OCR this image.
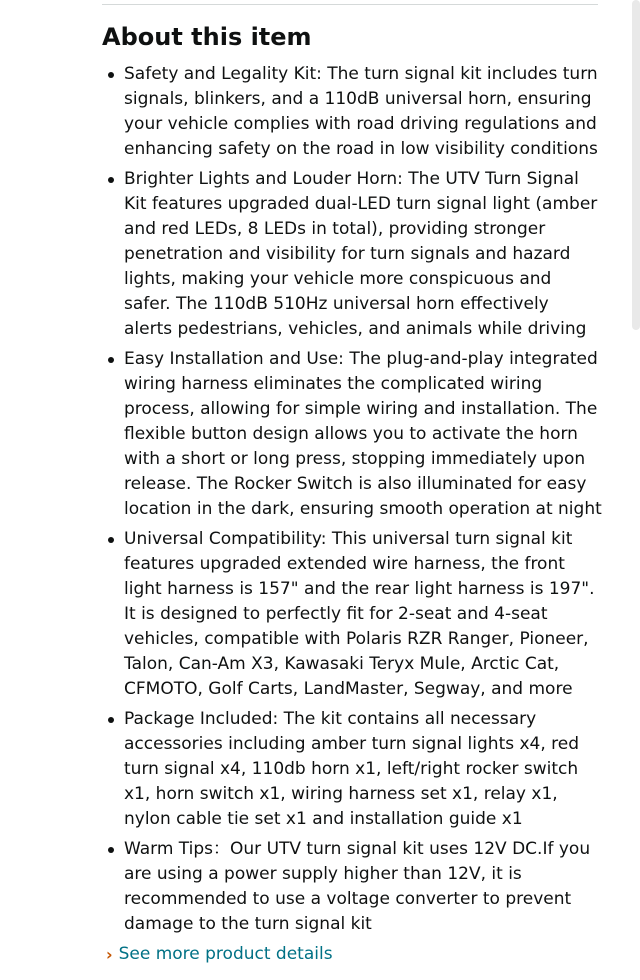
About this item
Safety and Legality Kit: The turn signal kit includes turn signals, blinkers, and a 110dB universal horn, ensuring your vehicle complies with road driving regulations and enhancing safety on the road in low visibility conditions
Brighter Lights and Louder Horn: The UTV Turn Signal Kit features upgraded dual-LED turn signal light (amber and red LEDs, 8 LEDs in total), providing stronger penetration and visibility for turn signals and hazard lights, making your vehicle more conspicuous and safer. The 110dB 510Hz universal horn effectively alerts pedestrians, vehicles, and animals while driving
Easy Installation and Use: The plug-and-play integrated wiring harness eliminates the complicated wiring process, allowing for simple wiring and installation. The flexible button design allows you to activate the horn with a short or long press, stopping immediately upon release. The Rocker Switch is also illuminated for easy location in the dark, ensuring smooth operation at night
Universal Compatibility: This universal turn signal kit features upgraded extended wire harness, the front light harness is 157" and the rear light harness is 197". It is designed to perfectly fit for 2-seat and 4-seat vehicles, compatible with Polaris RZR Ranger, Pioneer, Talon, Can-Am X3, Kawasaki Teryx Mule, Arctic Cat, CFMOTO, Golf Carts, LandMaster, Segway, and more
Package Included: The kit contains all necessary accessories including amber turn signal lights x4, red turn signal x4, 110db horn x1, left/right rocker switch x1, horn switch x1, wiring harness set x1, relay x1, nylon cable tie set x1 and installation guide x1
Warm Tips：Our UTV turn signal kit uses 12V DC.If you are using a power supply higher than 12V, it is recommended to use a voltage converter to prevent damage to the turn signal kit
› See more product details
